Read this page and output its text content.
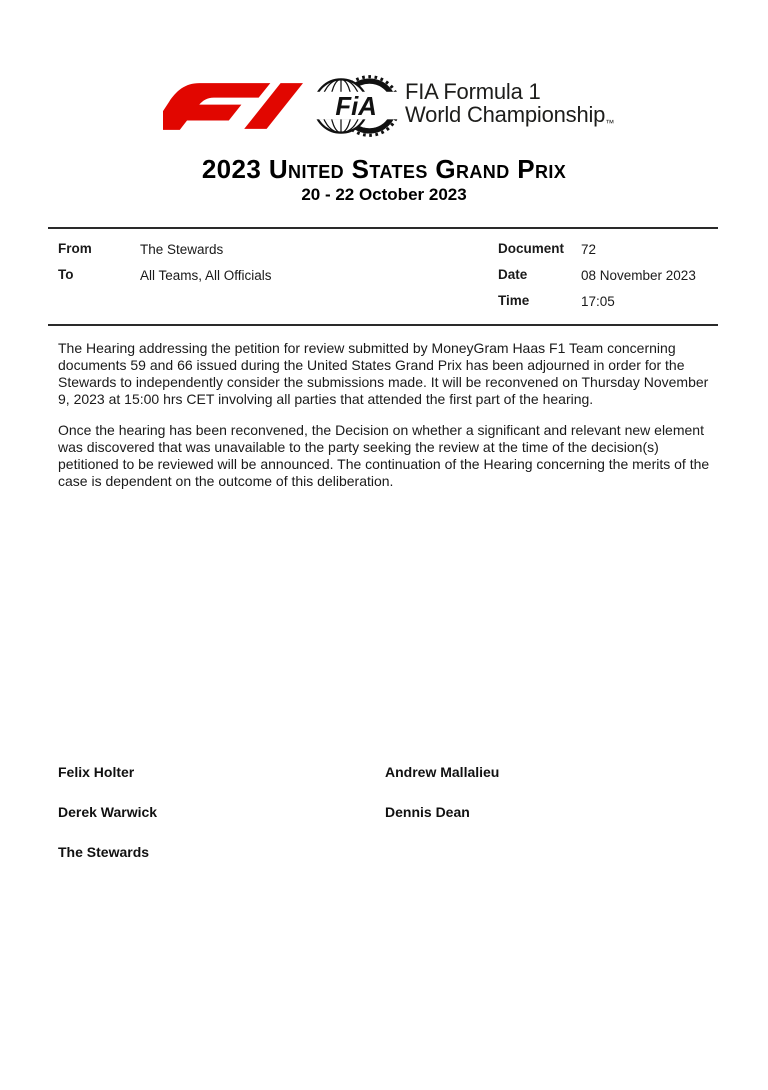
FiA
FIA Formula 1
World Championship™
2023 United States Grand Prix
20 - 22 October 2023
From	The Stewards
To	All Teams, All Officials
Document 72
Date	08 November 2023
Time	17:05
The Hearing addressing the petition for review submitted by MoneyGram Haas F1 Team concerning documents 59 and 66 issued during the United States Grand Prix has been adjourned in order for the Stewards to independently consider the submissions made. It will be reconvened on Thursday November 9, 2023 at 15:00 hrs CET involving all parties that attended the first part of the hearing.
Once the hearing has been reconvened, the Decision on whether a significant and relevant new element was discovered that was unavailable to the party seeking the review at the time of the decision(s) petitioned to be reviewed will be announced. The continuation of the Hearing concerning the merits of the case is dependent on the outcome of this deliberation.
Felix Holter	Andrew Mallalieu
Derek Warwick	Dennis Dean
The Stewards
